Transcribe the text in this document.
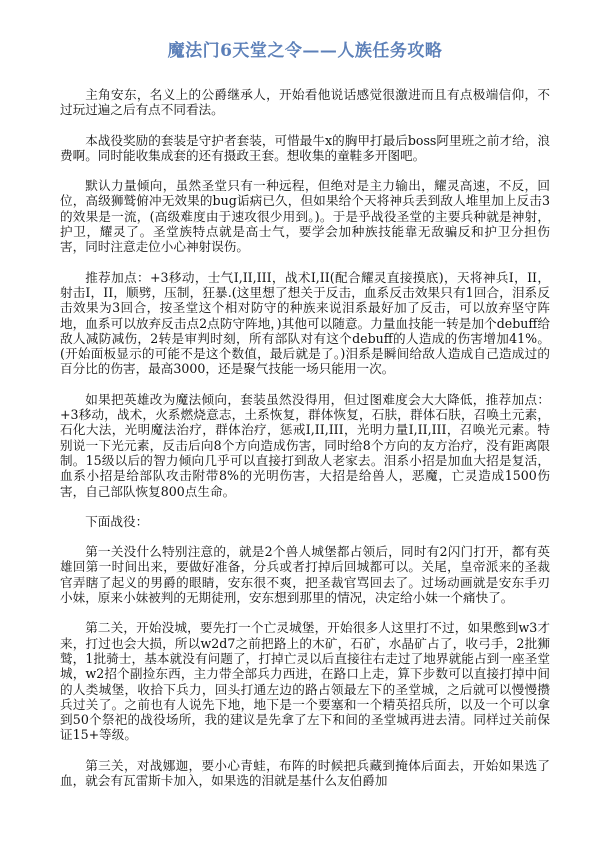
魔法门6天堂之令——人族任务攻略

主角安东，名义上的公爵继承人，开始看他说话感觉很激进而且有点极端信仰，不过玩过遍之后有点不同看法。

本战役奖励的套装是守护者套装，可惜最牛x的胸甲打最后boss阿里班之前才给，浪费啊。同时能收集成套的还有摄政王套。想收集的童鞋多开图吧。

默认力量倾向，虽然圣堂只有一种远程，但绝对是主力输出，耀灵高速，不反，回位，高级狮鹫俯冲无效果的bug诟病已久，但如果给个天将神兵丢到敌人堆里加上反击3的效果是一流，(高级难度由于速攻很少用到。)。于是乎战役圣堂的主要兵种就是神射，护卫，耀灵了。圣堂族特点就是高士气，要学会加种族技能靠无敌骗反和护卫分担伤害，同时注意走位小心神射误伤。

推荐加点：+3移动，士气I,II,III，战术I,II(配合耀灵直接摸底)，天将神兵I，II，射击I，II，顺劈，压制，狂暴.(这里想了想关于反击，血系反击效果只有1回合，泪系反击效果为3回合，按圣堂这个相对防守的种族来说泪系最好加了反击，可以放弃坚守阵地，血系可以放弃反击点2点防守阵地，)其他可以随意。力量血技能一转是加个debuff给敌人减防减伤，2转是审判时刻，所有部队对有这个debuff的人造成的伤害增加41%。(开始面板显示的可能不是这个数值，最后就是了。)泪系是瞬间给敌人造成自己造成过的百分比的伤害，最高3000，还是聚气技能一场只能用一次。

如果把英雄改为魔法倾向，套装虽然没得用，但过图难度会大大降低，推荐加点：+3移动，战术，火系燃烧意志，土系恢复，群体恢复，石肤，群体石肤，召唤土元素，石化大法，光明魔法治疗，群体治疗，惩戒I,II,III，光明力量I,II,III，召唤光元素。特别说一下光元素，反击后向8个方向造成伤害，同时给8个方向的友方治疗，没有距离限制。15级以后的智力倾向几乎可以直接打到敌人老家去。泪系小招是加血大招是复活，血系小招是给部队攻击附带8%的光明伤害，大招是给兽人，恶魔，亡灵造成1500伤害，自己部队恢复800点生命。

下面战役：

第一关没什么特别注意的，就是2个兽人城堡都占领后，同时有2闪门打开，都有英雄回第一时间出来，要做好准备，分兵或者打掉后回城都可以。关尾，皇帝派来的圣裁官弄瞎了起义的男爵的眼睛，安东很不爽，把圣裁官骂回去了。过场动画就是安东手刃小妹，原来小妹被判的无期徒刑，安东想到那里的情况，决定给小妹一个痛快了。

第二关，开始没城，要先打一个亡灵城堡，开始很多人这里打不过，如果憋到w3才来，打过也会大损，所以w2d7之前把路上的木矿，石矿，水晶矿占了，收弓手，2批狮鹫，1批骑士，基本就没有问题了，打掉亡灵以后直接往右走过了地界就能占到一座圣堂城，w2招个副捡东西，主力带全部兵力西进，在路口上走，算下步数可以直接打掉中间的人类城堡，收拾下兵力，回头打通左边的路占领最左下的圣堂城，之后就可以慢慢攒兵过关了。之前也有人说先下地，地下是一个要塞和一个精英招兵所，以及一个可以拿到50个祭祀的战役场所，我的建议是先拿了左下和间的圣堂城再进去清。同样过关前保证15+等级。

第三关，对战娜迦，要小心青蛙，布阵的时候把兵藏到掩体后面去，开始如果选了血，就会有瓦雷斯卡加入，如果选的泪就是基什么友伯爵加
